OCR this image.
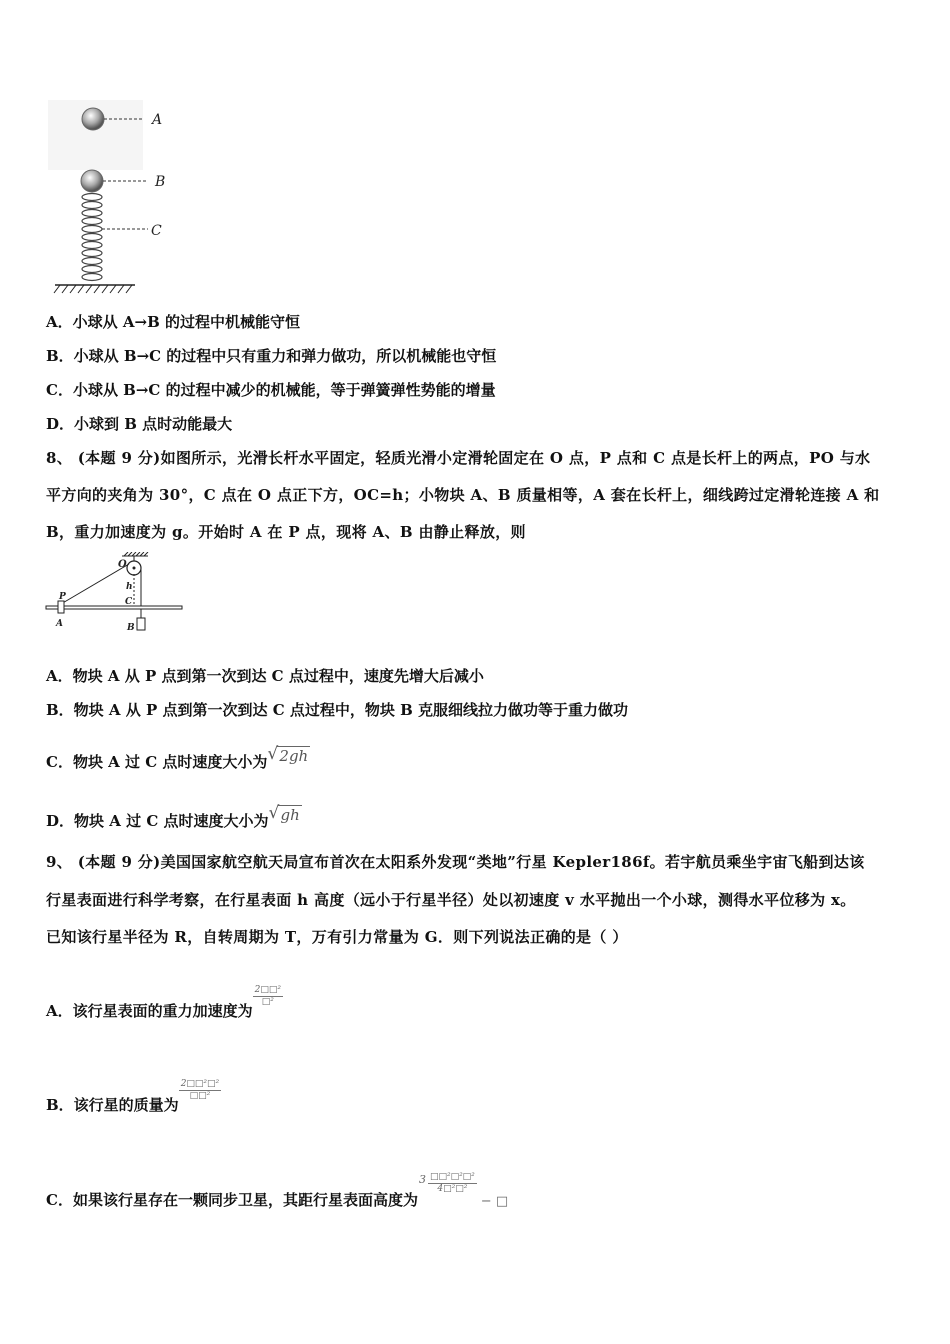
A
B
C
A．小球从 A→B 的过程中机械能守恒
B．小球从 B→C 的过程中只有重力和弹力做功，所以机械能也守恒
C．小球从 B→C 的过程中减少的机械能，等于弹簧弹性势能的增量
D．小球到 B 点时动能最大
8、 (本题 9 分)如图所示，光滑长杆水平固定，轻质光滑小定滑轮固定在 O 点，P 点和 C 点是长杆上的两点，PO 与水
平方向的夹角为 30°，C 点在 O 点正下方，OC=h；小物块 A、B 质量相等，A 套在长杆上，细线跨过定滑轮连接 A 和
B，重力加速度为 g。开始时 A 在 P 点，现将 A、B 由静止释放，则
O
P
h
C
A	B
A．物块 A 从 P 点到第一次到达 C 点过程中，速度先增大后减小
B．物块 A 从 P 点到第一次到达 C 点过程中，物块 B 克服细线拉力做功等于重力做功
C．物块 A 过 C 点时速度大小为 √ 2gh
D．物块 A 过 C 点时速度大小为 √ gh
9、 (本题 9 分)美国国家航空航天局宣布首次在太阳系外发现“类地”行星 Kepler186f。若宇航员乘坐宇宙飞船到达该
行星表面进行科学考察，在行星表面 h 高度（远小于行星半径）处以初速度 v 水平抛出一个小球，测得水平位移为 x。
已知该行星半径为 R，自转周期为 T，万有引力常量为 G．则下列说法正确的是（ ）
A．该行星表面的重力加速度为
$\frac{\text{2□□²}}{\text{□²}}$
B．该行星的质量为
$\frac{\text{2□□²□²}}{\text{□□²}}$
C．如果该行星存在一颗同步卫星，其距行星表面高度为
$3 \frac{\text{□□²□²□²}}{\text{4□²□²}}$
− □
